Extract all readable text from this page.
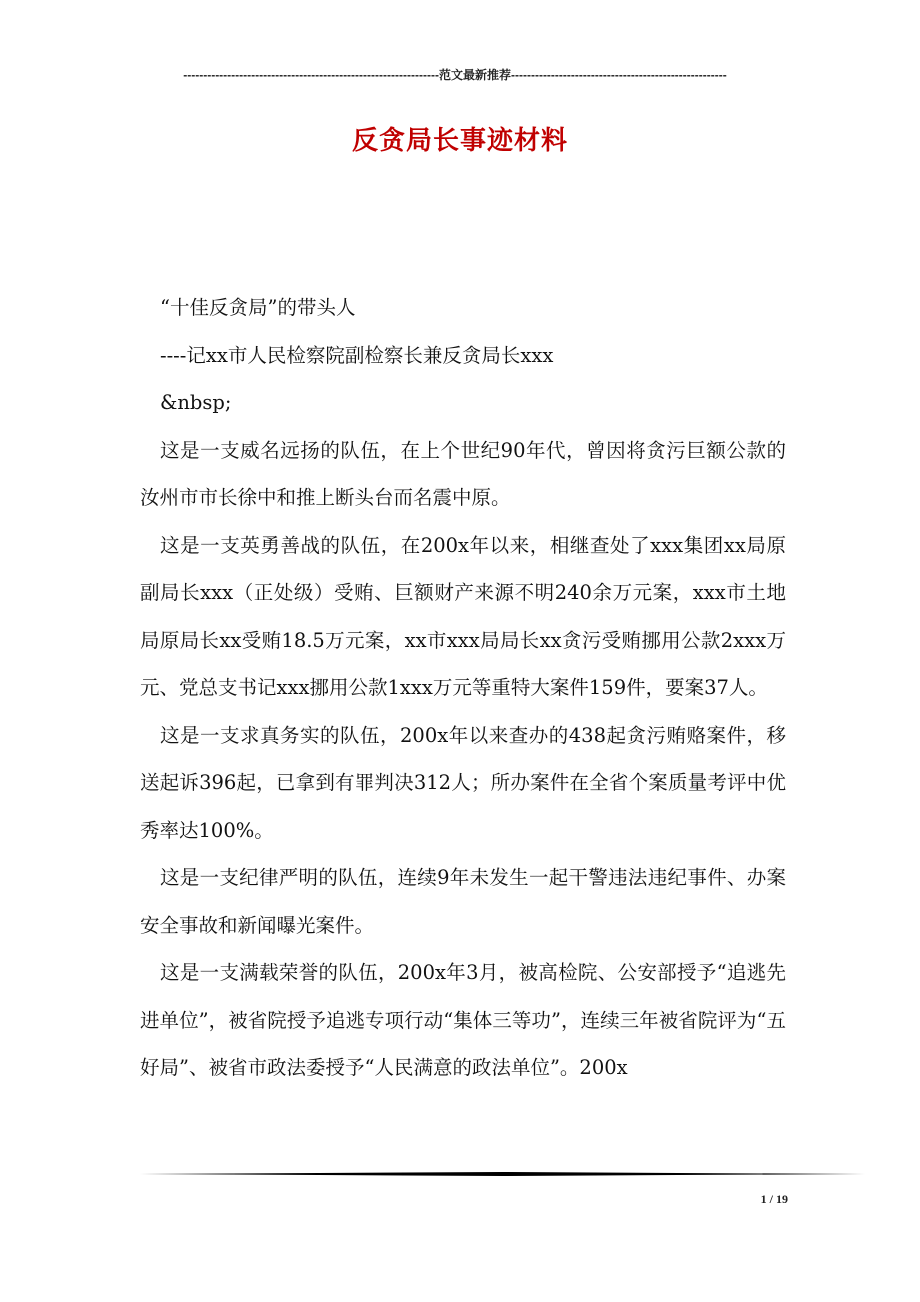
----------------------------------------------------------------范文最新推荐------------------------------------------------------
反贪局长事迹材料

“十佳反贪局”的带头人

----记xx市人民检察院副检察长兼反贪局长xxx

&nbsp;

这是一支威名远扬的队伍，在上个世纪90年代，曾因将贪污巨额公款的汝州市市长徐中和推上断头台而名震中原。

这是一支英勇善战的队伍，在200x年以来，相继查处了xxx集团xx局原副局长xxx（正处级）受贿、巨额财产来源不明240余万元案，xxx市土地局原局长xx受贿18.5万元案，xx市xxx局局长xx贪污受贿挪用公款2xxx万元、党总支书记xxx挪用公款1xxx万元等重特大案件159件，要案37人。

这是一支求真务实的队伍，200x年以来查办的438起贪污贿赂案件，移送起诉396起，已拿到有罪判决312人；所办案件在全省个案质量考评中优秀率达100%。

这是一支纪律严明的队伍，连续9年未发生一起干警违法违纪事件、办案安全事故和新闻曝光案件。

这是一支满载荣誉的队伍，200x年3月，被高检院、公安部授予“追逃先进单位”，被省院授予追逃专项行动“集体三等功”，连续三年被省院评为“五好局”、被省市政法委授予“人民满意的政法单位”。200x

1 / 19
